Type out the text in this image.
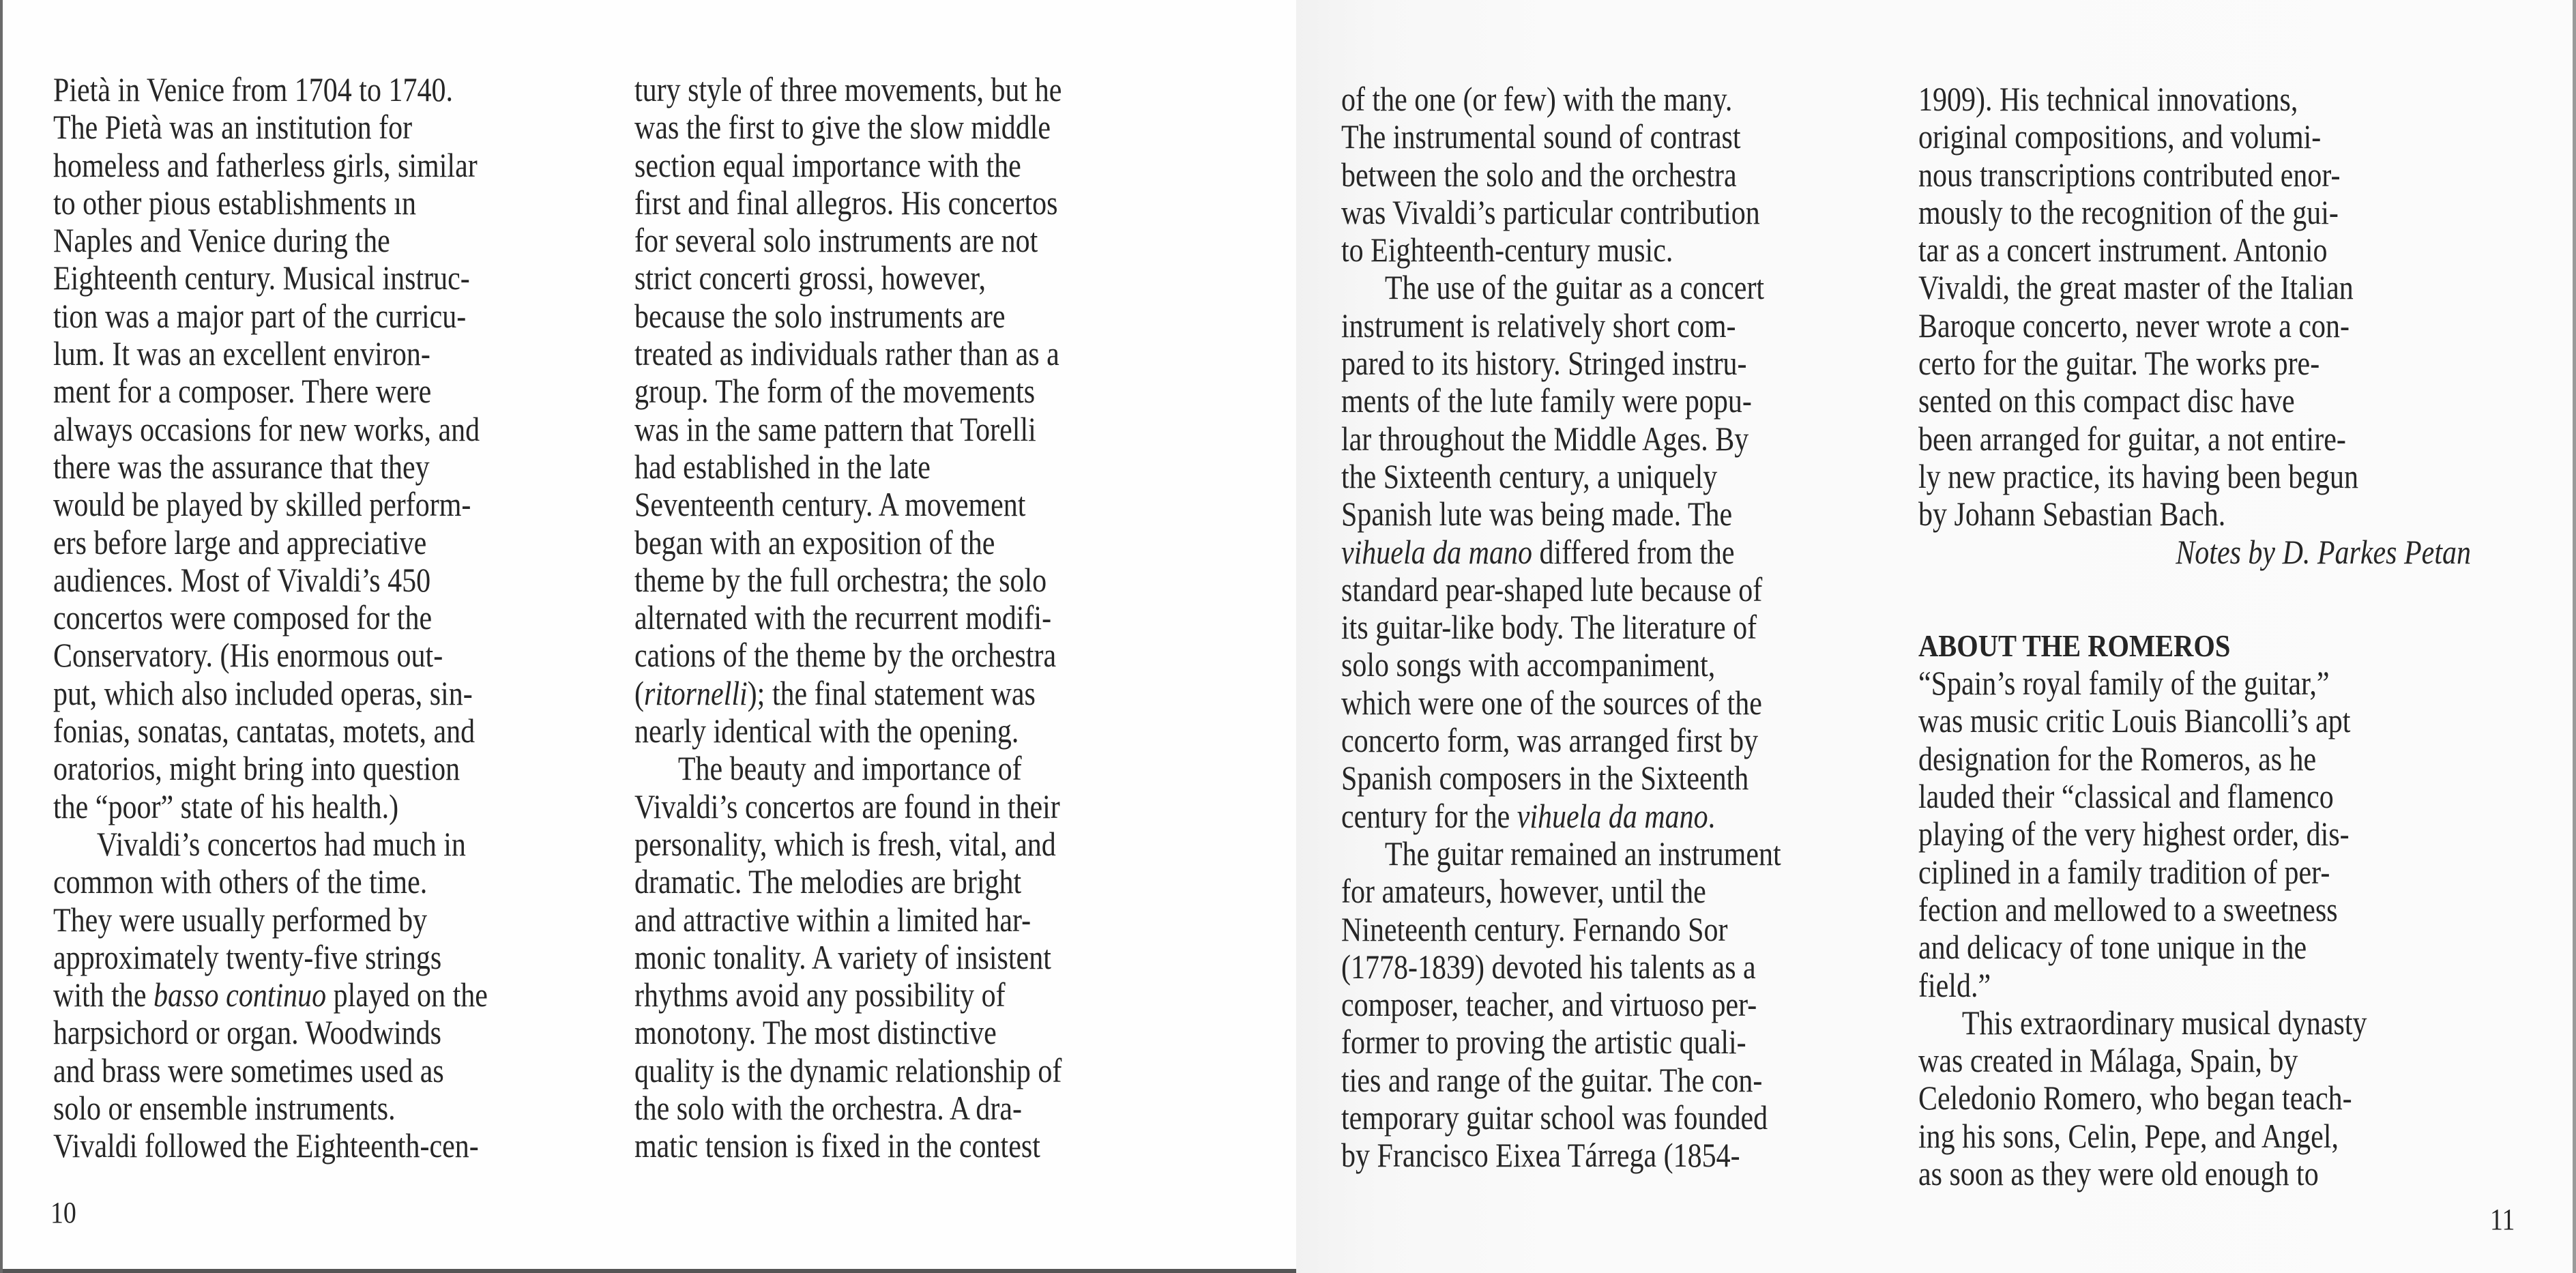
Pietà in Venice from 1704 to 1740.
The Pietà was an institution for
homeless and fatherless girls, similar
to other pious establishments ın
Naples and Venice during the
Eighteenth century. Musical instruc-
tion was a major part of the curricu-
lum. It was an excellent environ-
ment for a composer. There were
always occasions for new works, and
there was the assurance that they
would be played by skilled perform-
ers before large and appreciative
audiences. Most of Vivaldi’s 450
concertos were composed for the
Conservatory. (His enormous out-
put, which also included operas, sin-
fonias, sonatas, cantatas, motets, and
oratorios, might bring into question
the “poor” state of his health.)
Vivaldi’s concertos had much in
common with others of the time.
They were usually performed by
approximately twenty-five strings
with the basso continuo played on the
harpsichord or organ. Woodwinds
and brass were sometimes used as
solo or ensemble instruments.
Vivaldi followed the Eighteenth-cen-
tury style of three movements, but he
was the first to give the slow middle
section equal importance with the
first and final allegros. His concertos
for several solo instruments are not
strict concerti grossi, however,
because the solo instruments are
treated as individuals rather than as a
group. The form of the movements
was in the same pattern that Torelli
had established in the late
Seventeenth century. A movement
began with an exposition of the
theme by the full orchestra; the solo
alternated with the recurrent modifi-
cations of the theme by the orchestra
(ritornelli); the final statement was
nearly identical with the opening.
The beauty and importance of
Vivaldi’s concertos are found in their
personality, which is fresh, vital, and
dramatic. The melodies are bright
and attractive within a limited har-
monic tonality. A variety of insistent
rhythms avoid any possibility of
monotony. The most distinctive
quality is the dynamic relationship of
the solo with the orchestra. A dra-
matic tension is fixed in the contest
10
of the one (or few) with the many.
The instrumental sound of contrast
between the solo and the orchestra
was Vivaldi’s particular contribution
to Eighteenth-century music.
The use of the guitar as a concert
instrument is relatively short com-
pared to its history. Stringed instru-
ments of the lute family were popu-
lar throughout the Middle Ages. By
the Sixteenth century, a uniquely
Spanish lute was being made. The
vihuela da mano differed from the
standard pear-shaped lute because of
its guitar-like body. The literature of
solo songs with accompaniment,
which were one of the sources of the
concerto form, was arranged first by
Spanish composers in the Sixteenth
century for the vihuela da mano.
The guitar remained an instrument
for amateurs, however, until the
Nineteenth century. Fernando Sor
(1778-1839) devoted his talents as a
composer, teacher, and virtuoso per-
former to proving the artistic quali-
ties and range of the guitar. The con-
temporary guitar school was founded
by Francisco Eixea Tárrega (1854-
1909). His technical innovations,
original compositions, and volumi-
nous transcriptions contributed enor-
mously to the recognition of the gui-
tar as a concert instrument. Antonio
Vivaldi, the great master of the Italian
Baroque concerto, never wrote a con-
certo for the guitar. The works pre-
sented on this compact disc have
been arranged for guitar, a not entire-
ly new practice, its having been begun
by Johann Sebastian Bach.
Notes by D. Parkes Petan
ABOUT THE ROMEROS
“Spain’s royal family of the guitar,”
was music critic Louis Biancolli’s apt
designation for the Romeros, as he
lauded their “classical and flamenco
playing of the very highest order, dis-
ciplined in a family tradition of per-
fection and mellowed to a sweetness
and delicacy of tone unique in the
field.”
This extraordinary musical dynasty
was created in Málaga, Spain, by
Celedonio Romero, who began teach-
ing his sons, Celin, Pepe, and Angel,
as soon as they were old enough to
11
